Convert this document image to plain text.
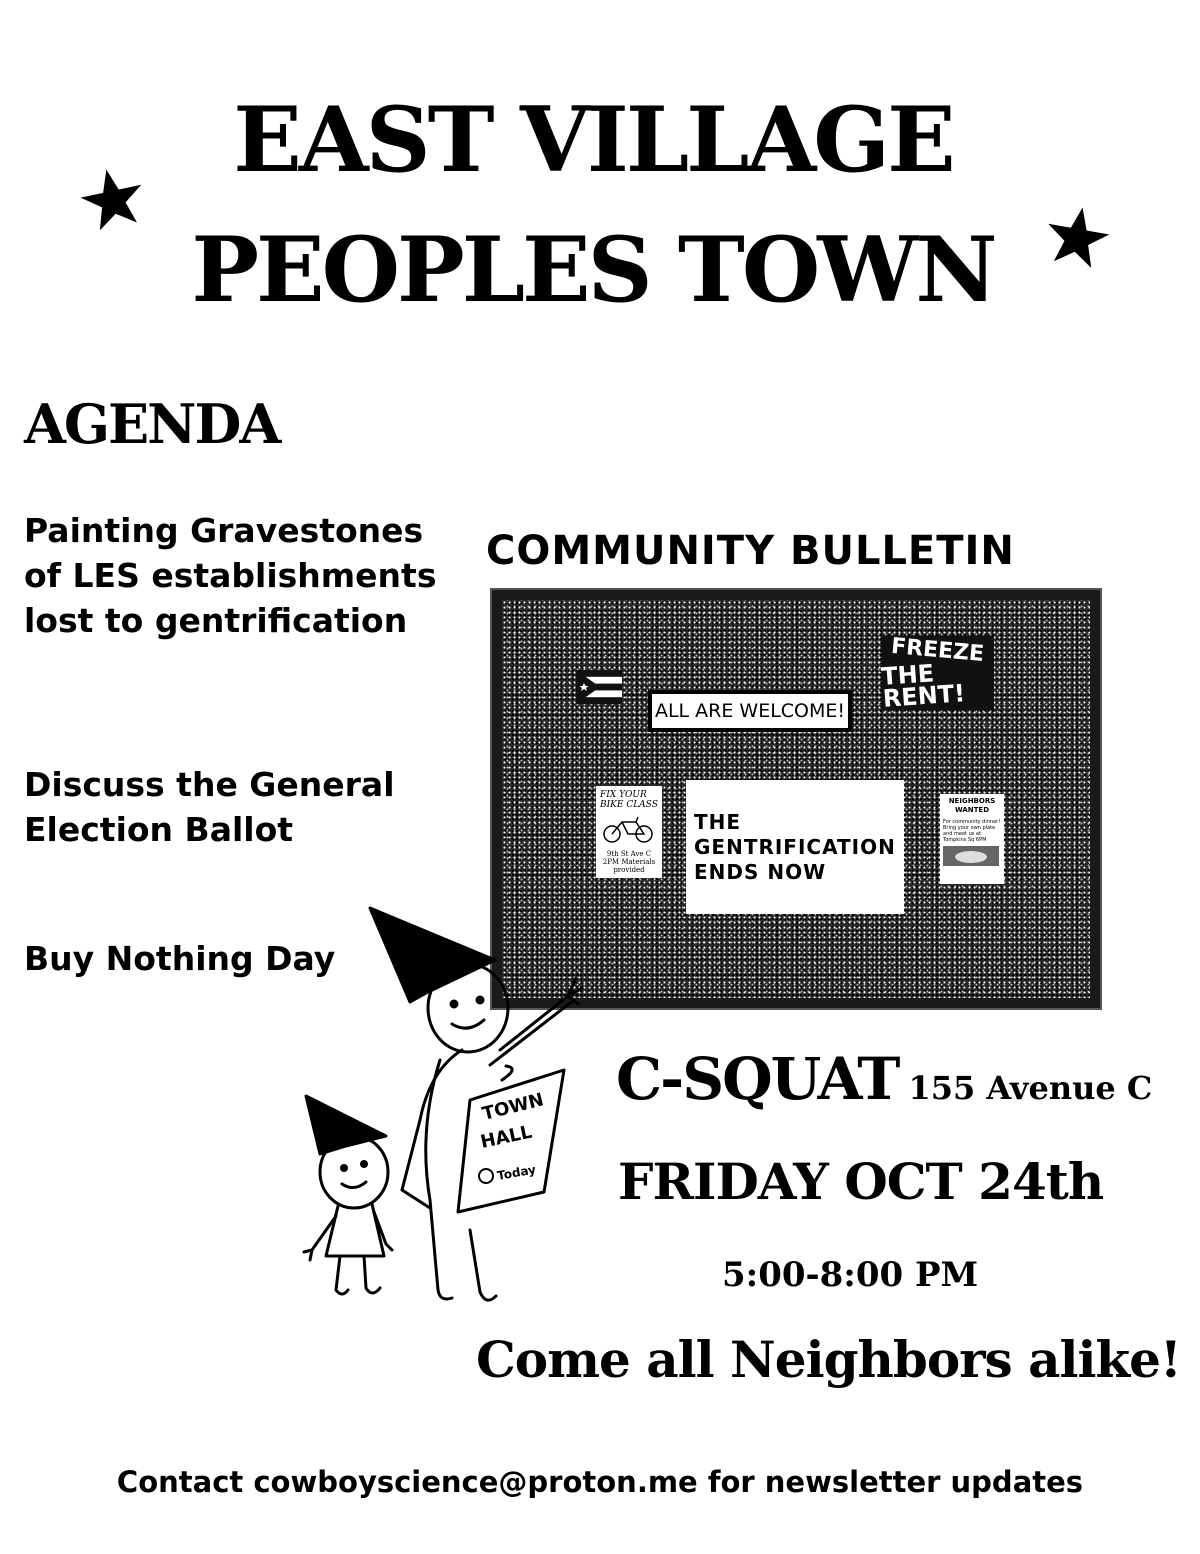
EAST VILLAGE
PEOPLES TOWN
AGENDA
Painting Gravestones of LES establishments lost to gentrification
Discuss the General Election Ballot
Buy Nothing Day
COMMUNITY BULLETIN
ALL ARE WELCOME!
FREEZE
THE RENT!
FIX YOUR BIKE CLASS
9th St Ave C 2PM Materials provided
THE GENTRIFICATION ENDS NOW
NEIGHBORS WANTED
For community dinner! Bring your own plate and meet us at Tompkins Sq 6PM
TOWN
HALL
Today
C-SQUAT 155 Avenue C
FRIDAY OCT 24th
5:00-8:00 PM
Come all Neighbors alike!
Contact cowboyscience@proton.me for newsletter updates
